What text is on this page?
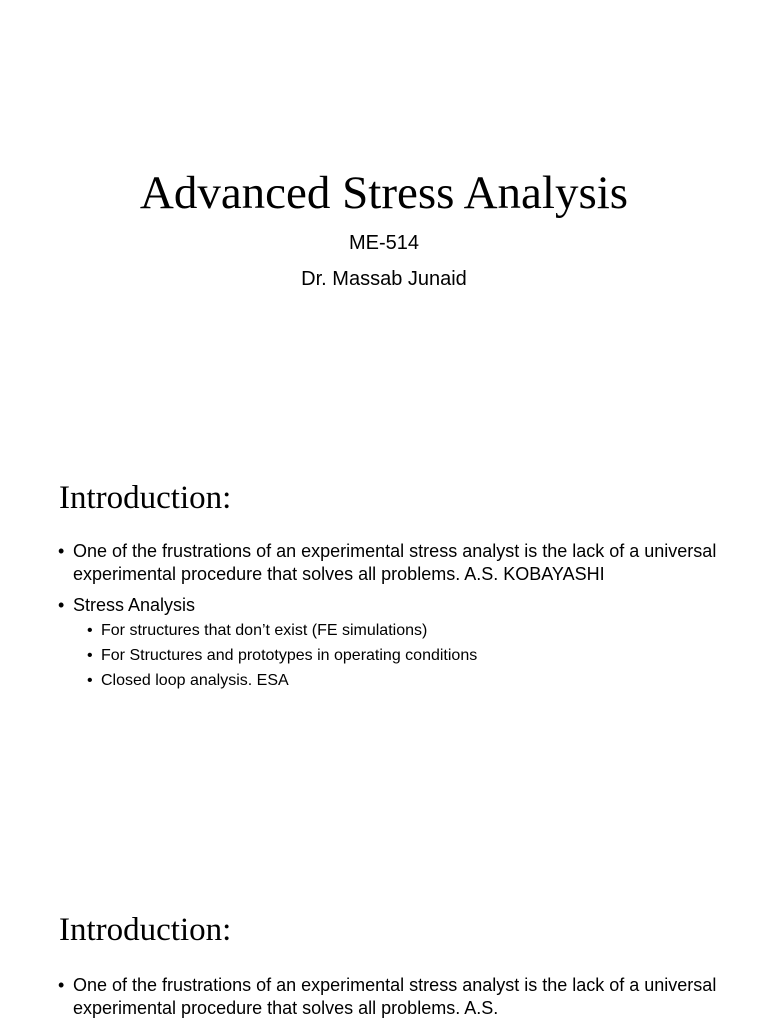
Advanced Stress Analysis
ME-514
Dr. Massab Junaid
Introduction:
• One of the frustrations of an experimental stress analyst is the lack of a universal experimental procedure that solves all problems. A.S. KOBAYASHI
• Stress Analysis
• For structures that don’t exist (FE simulations)
• For Structures and prototypes in operating conditions
• Closed loop analysis. ESA
Introduction:
• One of the frustrations of an experimental stress analyst is the lack of a universal experimental procedure that solves all problems. A.S.
